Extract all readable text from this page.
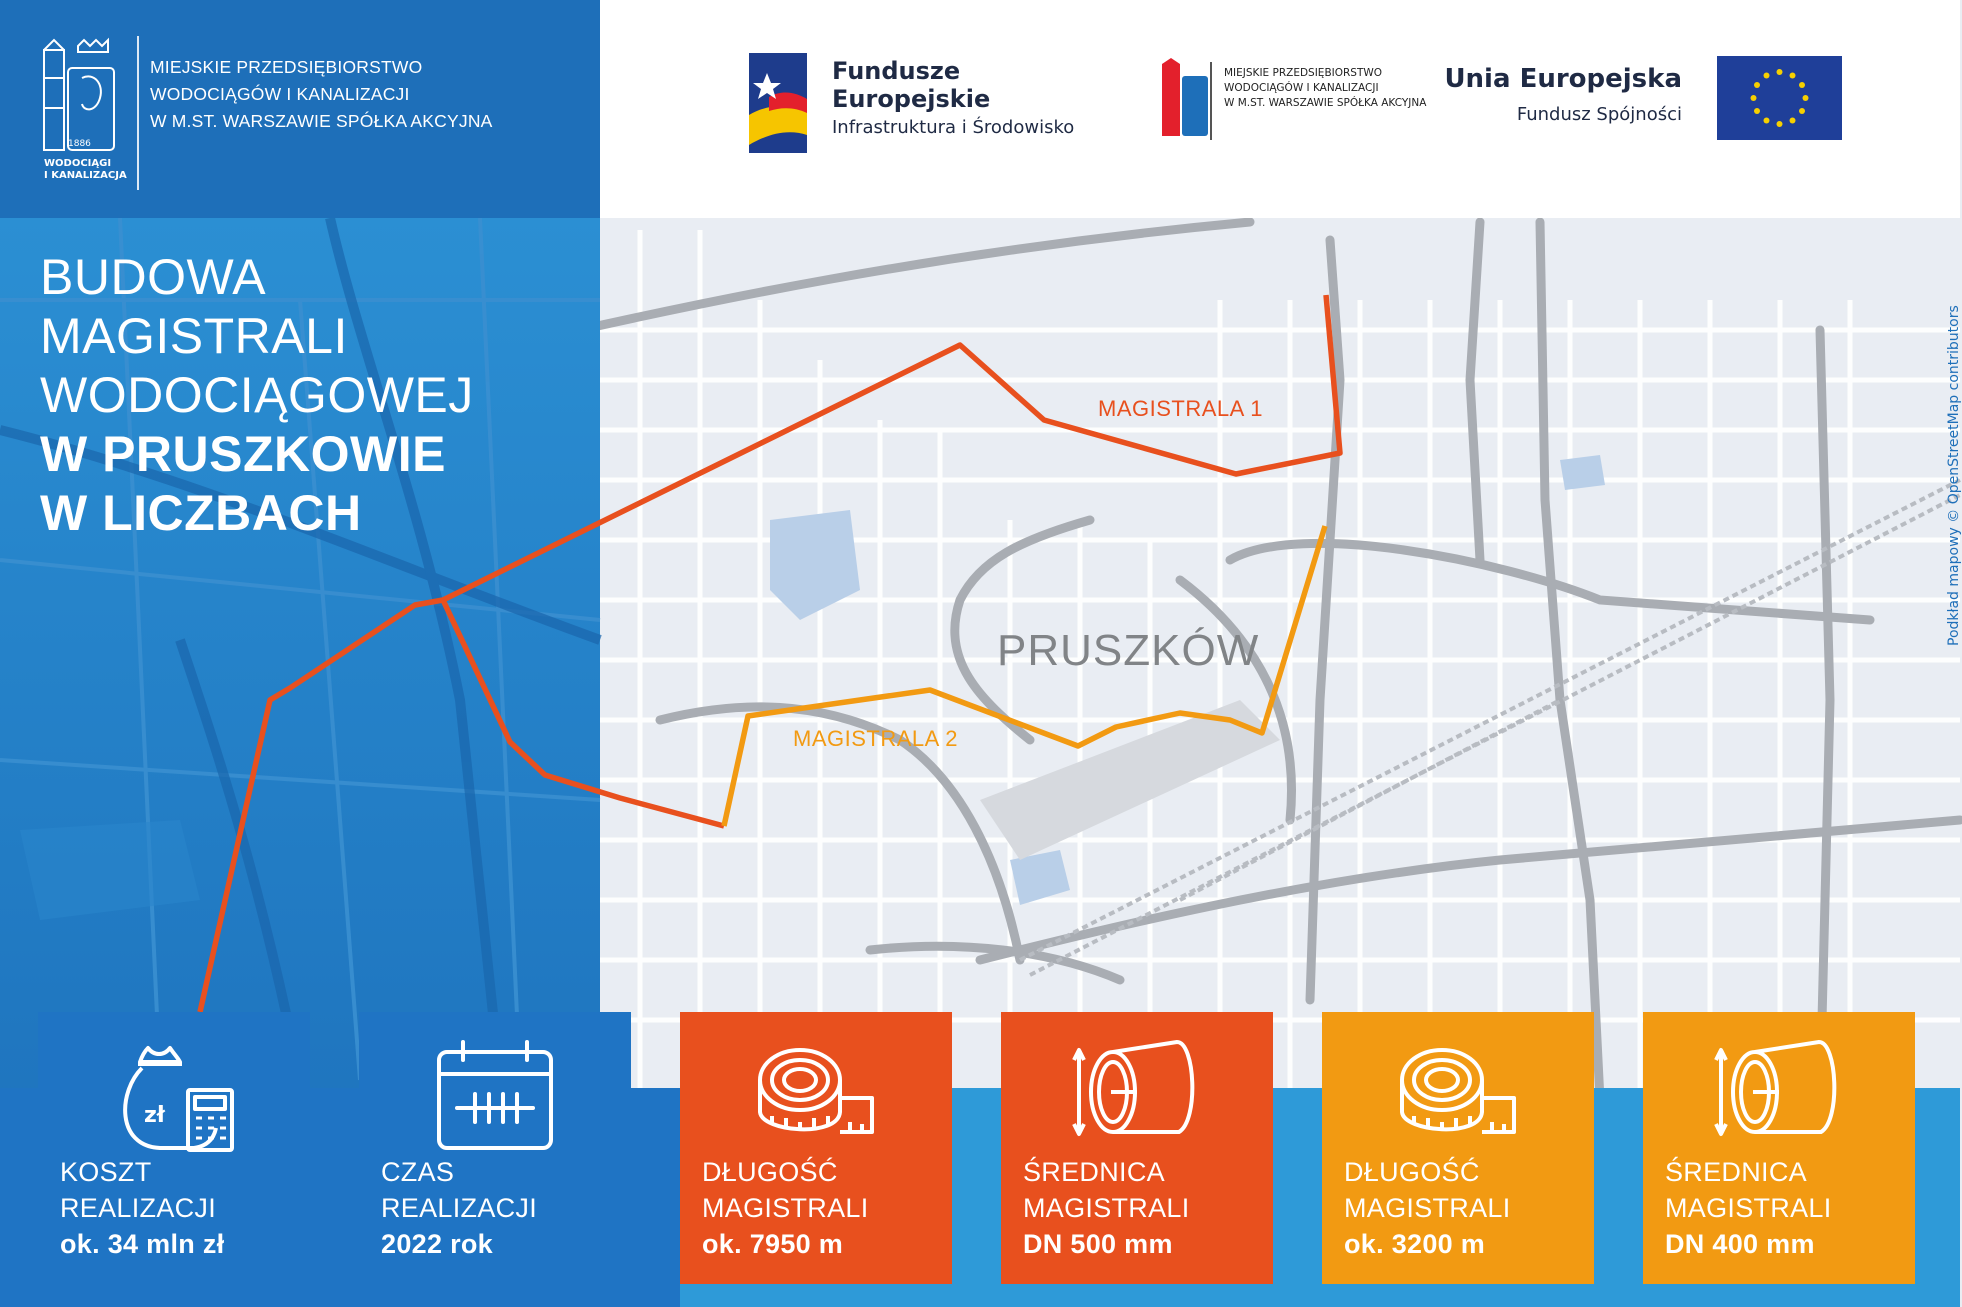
PRUSZKÓW
MAGISTRALA 1
MAGISTRALA 2
Podkład mapowy © OpenStreetMap contributors
1886
WODOCIĄGI
I KANALIZACJA
MIEJSKIE PRZEDSIĘBIORSTWO
WODOCIĄGÓW I KANALIZACJI
W M.ST. WARSZAWIE SPÓŁKA AKCYJNA
Fundusze
Europejskie
Infrastruktura i Środowisko
MIEJSKIE PRZEDSIĘBIORSTWO
WODOCIĄGÓW I KANALIZACJI
W M.ST. WARSZAWIE SPÓŁKA AKCYJNA
Unia Europejska
Fundusz Spójności
BUDOWA
MAGISTRALI
WODOCIĄGOWEJ
W PRUSZKOWIE
W LICZBACH
zł
KOSZT
REALIZACJI
ok. 34 mln zł
CZAS
REALIZACJI
2022 rok
DŁUGOŚĆ
MAGISTRALI
ok. 7950 m
ŚREDNICA
MAGISTRALI
DN 500 mm
DŁUGOŚĆ
MAGISTRALI
ok. 3200 m
ŚREDNICA
MAGISTRALI
DN 400 mm
